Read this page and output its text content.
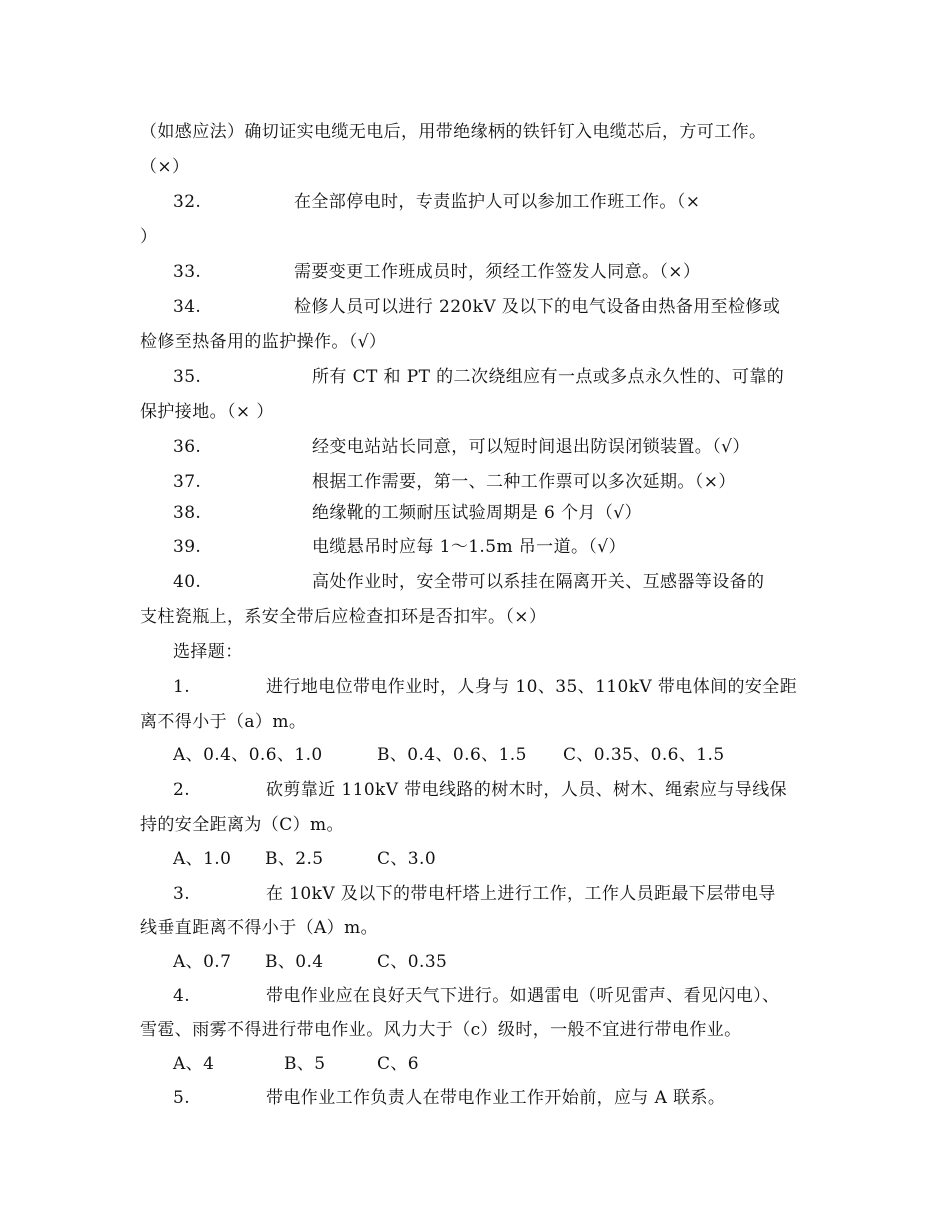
（如感应法）确切证实电缆无电后，用带绝缘柄的铁钎钉入电缆芯后，方可工作。
（×）
32.	在全部停电时，专责监护人可以参加工作班工作。（×
）
33.	需要变更工作班成员时，须经工作签发人同意。（×）
34.	检修人员可以进行 220kV 及以下的电气设备由热备用至检修或
检修至热备用的监护操作。（√）
35.	所有 CT 和 PT 的二次绕组应有一点或多点永久性的、可靠的
保护接地。（× ）
36.	经变电站站长同意，可以短时间退出防误闭锁装置。（√）
37.	根据工作需要，第一、二种工作票可以多次延期。（×）
38.	绝缘靴的工频耐压试验周期是 6 个月（√）
39.	电缆悬吊时应每 1～1.5m 吊一道。（√）
40.	高处作业时，安全带可以系挂在隔离开关、互感器等设备的
支柱瓷瓶上，系安全带后应检查扣环是否扣牢。（×）
选择题：
1.	进行地电位带电作业时，人身与 10、35、110kV 带电体间的安全距
离不得小于（a）m。
A、0.4、0.6、1.0	B、0.4、0.6、1.5 C、0.35、0.6、1.5
2.	砍剪靠近 110kV 带电线路的树木时，人员、树木、绳索应与导线保
持的安全距离为（C）m。
A、1.0 B、2.5	C、3.0
3.	在 10kV 及以下的带电杆塔上进行工作，工作人员距最下层带电导
线垂直距离不得小于（A）m。
A、0.7 B、0.4	C、0.35
4.	带电作业应在良好天气下进行。如遇雷电（听见雷声、看见闪电）、
雪雹、雨雾不得进行带电作业。风力大于（c）级时，一般不宜进行带电作业。
A、4	B、5	C、6
5.	带电作业工作负责人在带电作业工作开始前，应与 A 联系。
